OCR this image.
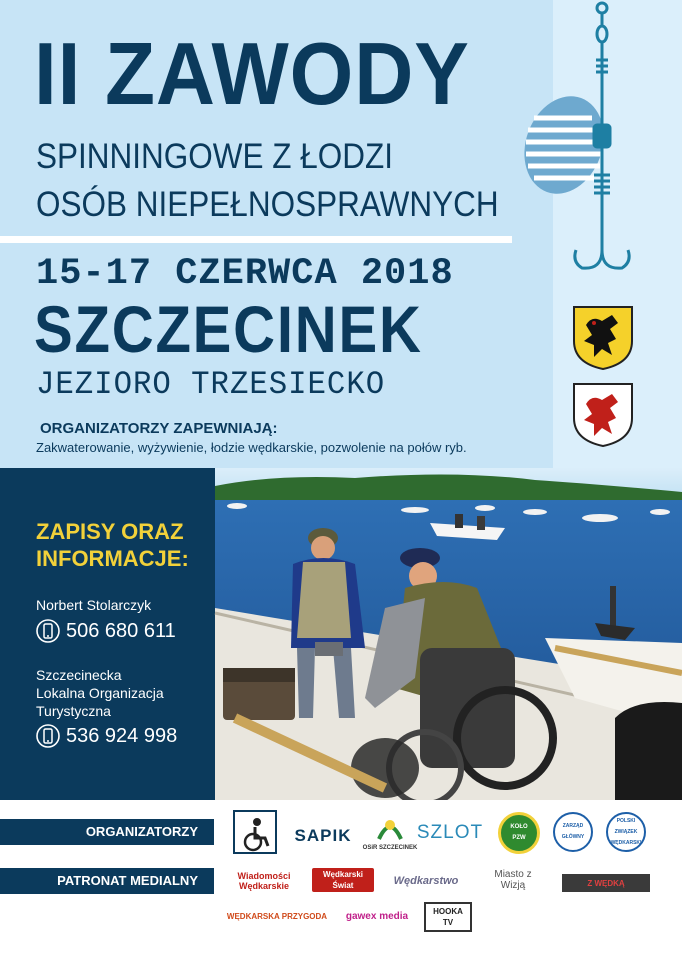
II ZAWODY
SPINNINGOWE Z ŁODZI
OSÓB NIEPEŁNOSPRAWNYCH
15-17 CZERWCA 2018
SZCZECINEK
JEZIORO TRZESIECKO
ORGANIZATORZY ZAPEWNIAJĄ:
Zakwaterowanie, wyżywienie, łodzie wędkarskie, pozwolenie na połów ryb.
ZAPISY ORAZ
INFORMACJE:
Norbert Stolarczyk
506 680 611
Szczecinecka
Lokalna Organizacja
Turystyczna
536 924 998
ORGANIZATORZY
PATRONAT MEDIALNY
SAPIK
OSiR SZCZECINEK
SZLOT	KOŁO PZW
ZARZĄD GŁÓWNY
POLSKI ZWIĄZEK WĘDKARSKI
Wiadomości Wędkarskie
Wędkarski Świat	Wędkarstwo	Miasto z Wizją	Z WĘDKĄ
WĘDKARSKA PRZYGODA gawex media	HOOKA TV
